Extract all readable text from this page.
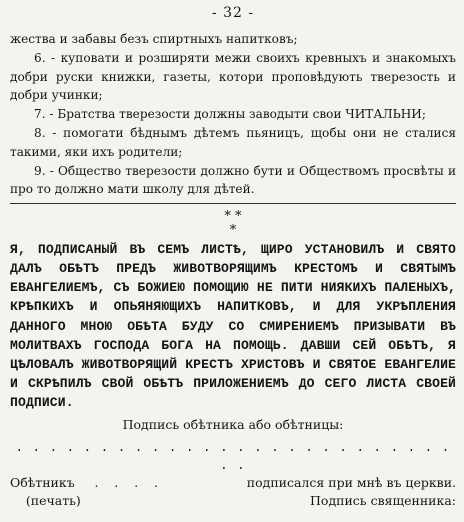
- 32 -

жества и забавы безъ спиртныхъ напитковъ;

6. - куповати и розширяти межи своихъ кревныхъ и знакомыхъ добри руски книжки, газеты, котори проповѣдують тверезость и добри учинки;

7. - Братства тверезости должны заводыти свои ЧИТАЛЬНИ;

8. - помогати бѣднымъ дѣтемъ пьяницъ, щобы они не сталися такими, яки ихъ родители;

9. - Общество тверезости должно бути и Обществомъ просвѣты и про то должно мати школу для дѣтей.

* *
*

Я, ПОДПИСАНЫЙ ВЪ СЕМЪ ЛИСТѢ, ЩИРО УСТАНОВИЛЪ И СВЯТО ДАЛЪ ОБѢТЪ ПРЕДЪ ЖИВОТВОРЯЩИМЪ КРЕСТОМЪ И СВЯТЫМЪ ЕВАНГЕЛИЕМЪ, СЪ БОЖИЕЮ ПОМОЩИЮ НЕ ПИТИ НИЯКИХЪ ПАЛЕНЫХЪ, КРѢПКИХЪ И ОПЬЯНЯЮЩИХЪ НАПИТКОВЪ, И ДЛЯ УКРѢПЛЕНИЯ ДАННОГО МНОЮ ОБѢТА БУДУ СО СМИРЕНИЕМЪ ПРИЗЫВАТИ ВЪ МОЛИТВАХЪ ГОСПОДА БОГА НА ПОМОЩЬ. ДАВШИ СЕЙ ОБѢТЪ, Я ЦѢЛОВАЛЪ ЖИВОТВОРЯЩИЙ КРЕСТЪ ХРИСТОВЪ И СВЯТОЕ ЕВАНГЕЛИЕ И СКРѢПИЛЪ СВОЙ ОБѢТЪ ПРИЛОЖЕНИЕМЪ ДО СЕГО ЛИСТА СВОЕЙ ПОДПИСИ.

Подпись обѣтника або обѣтницы:
. . . . . . . . . . . . . . . . . . . . . . . . . . . .
Обѣтникъ     .    .    .    .	подписался при мнѣ въ церкви.
(печать)	Подпись священника:
